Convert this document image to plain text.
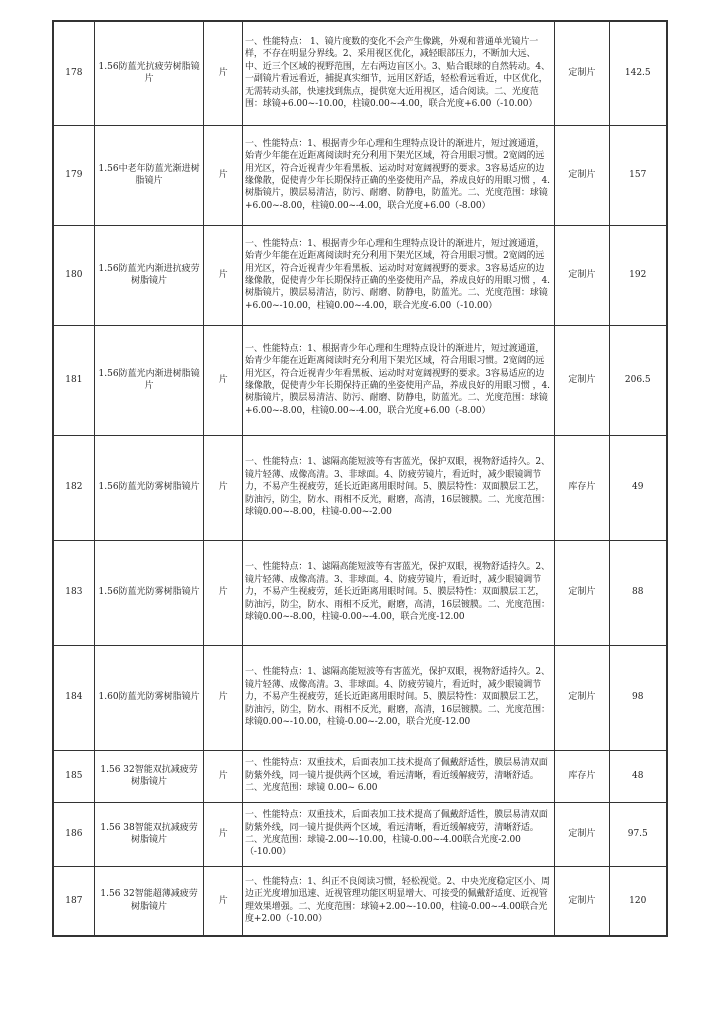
178	1.56防蓝光抗疲劳树脂镜片	片	一、性能特点： 1、镜片度数的变化不会产生像跳，外观和普通单光镜片一样，不存在明显分界线。2、采用视区优化，减轻眼部压力，不断加大远、中、近三个区域的视野范围，左右两边盲区小。3、贴合眼球的自然转动。4、一副镜片看远看近，捕捉真实细节，远用区舒适，轻松看远看近，中区优化，无需转动头部，快速找到焦点，提供宽大近用视区，适合阅读。二、光度范围：球镜+6.00~-10.00，柱镜0.00~-4.00，联合光度+6.00（-10.00）	定制片	142.5
179	1.56中老年防蓝光渐进树脂镜片	片	一、性能特点：1、根据青少年心理和生理特点设计的渐进片，短过渡通道，始青少年能在近距离阅读时充分利用下架光区域，符合用眼习惯。2宽阔的远用光区，符合近视青少年看黑板、运动时对宽阔视野的要求。3容易适应的边缘像散，促使青少年长期保持正确的坐姿使用产品，养成良好的用眼习惯 ，4.树脂镜片，膜层易清洁，防污、耐磨、防静电，防蓝光。二、光度范围：球镜+6.00~-8.00，柱镜0.00~-4.00，联合光度+6.00（-8.00）	定制片	157
180	1.56防蓝光内渐进抗疲劳树脂镜片	片	一、性能特点：1、根据青少年心理和生理特点设计的渐进片，短过渡通道，始青少年能在近距离阅读时充分利用下架光区域，符合用眼习惯。2宽阔的远用光区，符合近视青少年看黑板、运动时对宽阔视野的要求。3容易适应的边缘像散，促使青少年长期保持正确的坐姿使用产品，养成良好的用眼习惯 ，4.树脂镜片，膜层易清洁，防污、耐磨、防静电，防蓝光。二、光度范围：球镜+6.00~-10.00，柱镜0.00~-4.00，联合光度-6.00（-10.00）	定制片	192
181	1.56防蓝光内渐进树脂镜片	片	一、性能特点：1、根据青少年心理和生理特点设计的渐进片，短过渡通道，始青少年能在近距离阅读时充分利用下架光区域，符合用眼习惯。2宽阔的远用光区，符合近视青少年看黑板、运动时对宽阔视野的要求。3容易适应的边缘像散，促使青少年长期保持正确的坐姿使用产品，养成良好的用眼习惯 ，4.树脂镜片，膜层易清洁、防污、耐磨、防静电，防蓝光。二、光度范围：球镜+6.00~-8.00，柱镜0.00~-4.00，联合光度+6.00（-8.00）	定制片	206.5
182	1.56防蓝光防雾树脂镜片	片	一、性能特点：1、滤隔高能短波等有害蓝光，保护双眼，视物舒适持久。2、镜片轻薄、成像高清。3、非球面。4、防疲劳镜片，看近时，减少眼镜调节力，不易产生视疲劳，延长近距离用眼时间。5、膜层特性：双面膜层工艺，防油污，防尘，防水、雨相不反光，耐磨，高清，16层镀膜。二、光度范围：球镜0.00~-8.00，柱镜-0.00~-2.00	库存片	49
183	1.56防蓝光防雾树脂镜片	片	一、性能特点：1、滤隔高能短波等有害蓝光，保护双眼，视物舒适持久。2、镜片轻薄、成像高清。3、非球面。4、防疲劳镜片，看近时，减少眼镜调节力，不易产生视疲劳，延长近距离用眼时间。5、膜层特性：双面膜层工艺，防油污，防尘，防水、雨相不反光，耐磨，高清，16层镀膜。二、光度范围：球镜0.00~-8.00，柱镜-0.00~-4.00，联合光度-12.00	定制片	88
184	1.60防蓝光防雾树脂镜片	片	一、性能特点：1、滤隔高能短波等有害蓝光，保护双眼，视物舒适持久。2、镜片轻薄、成像高清。3、非球面。4、防疲劳镜片，看近时，减少眼镜调节力，不易产生视疲劳，延长近距离用眼时间。5、膜层特性：双面膜层工艺，防油污，防尘，防水、雨相不反光，耐磨，高清，16层镀膜。二、光度范围：球镜0.00~-10.00，柱镜-0.00~-2.00，联合光度-12.00	定制片	98
185	1.56 32智能双抗减疲劳树脂镜片	片	一、性能特点：双重技术，后面表加工技术提高了佩戴舒适性，膜层易清双面防紫外线，同一镜片提供两个区域，看远清晰，看近缓解疲劳，清晰舒适。二、光度范围：球镜 0.00~ 6.00	库存片	48
186	1.56 38智能双抗减疲劳树脂镜片	片	一、性能特点：双重技术，后面表加工技术提高了佩戴舒适性，膜层易清双面防紫外线，同一镜片提供两个区域，看远清晰，看近缓解疲劳，清晰舒适。二、光度范围：球镜-2.00~-10.00，柱镜-0.00~-4.00联合光度-2.00（-10.00）	定制片	97.5
187	1.56 32智能超薄减疲劳树脂镜片	片	一、性能特点：1、纠正不良阅读习惯，轻松视觉。2、中央光度稳定区小、周边正光度增加迅速、近视管理功能区明显增大、可接受的佩戴舒适度、近视管理效果增强。二、光度范围：球镜+2.00~-10.00，柱镜-0.00~-4.00联合光度+2.00（-10.00）	定制片	120
